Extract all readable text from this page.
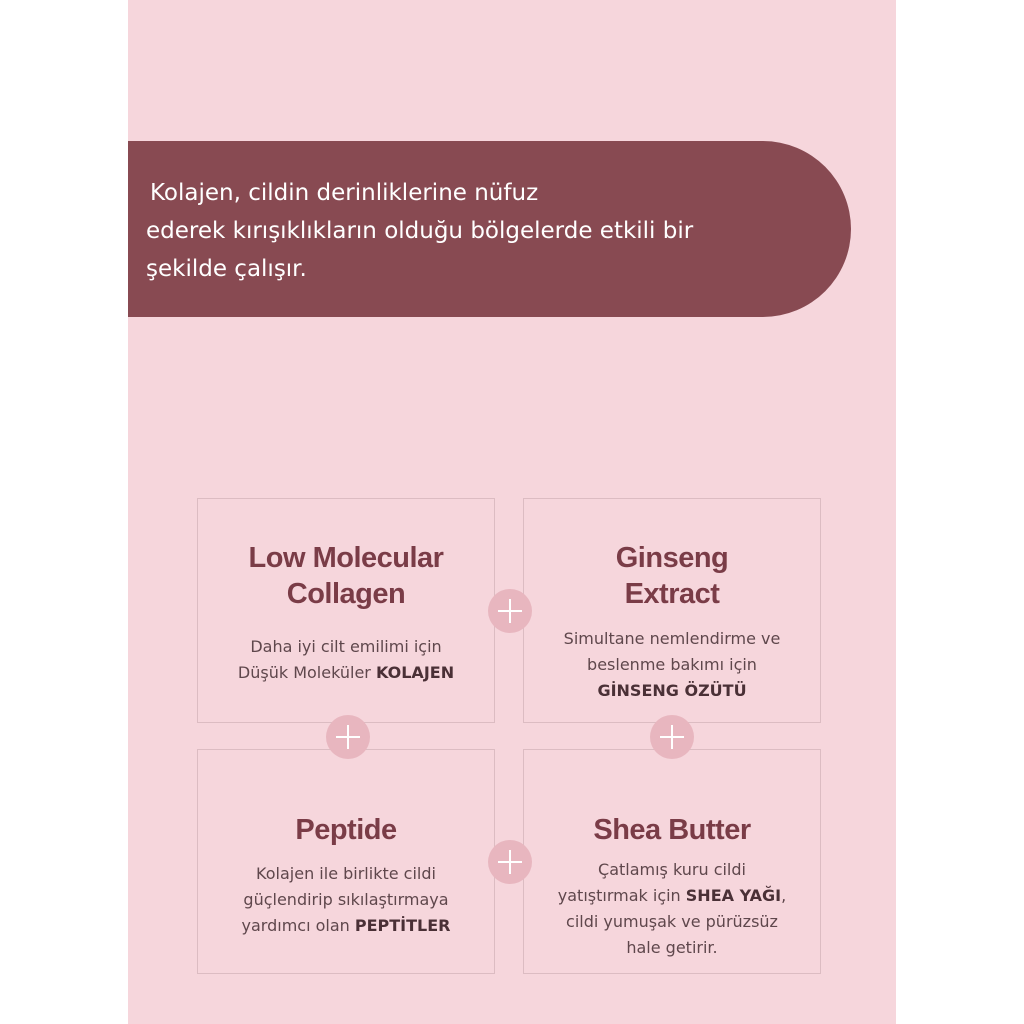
Kolajen, cildin derinliklerine nüfuz
ederek kırışıklıkların olduğu bölgelerde etkili bir
şekilde çalışır.
Low Molecular
Collagen
Daha iyi cilt emilimi için
Düşük Moleküler KOLAJEN
Ginseng
Extract
Simultane nemlendirme ve
beslenme bakımı için
GİNSENG ÖZÜTÜ
Peptide
Kolajen ile birlikte cildi
güçlendirip sıkılaştırmaya
yardımcı olan PEPTİTLER
Shea Butter
Çatlamış kuru cildi
yatıştırmak için SHEA YAĞI,
cildi yumuşak ve pürüzsüz
hale getirir.
